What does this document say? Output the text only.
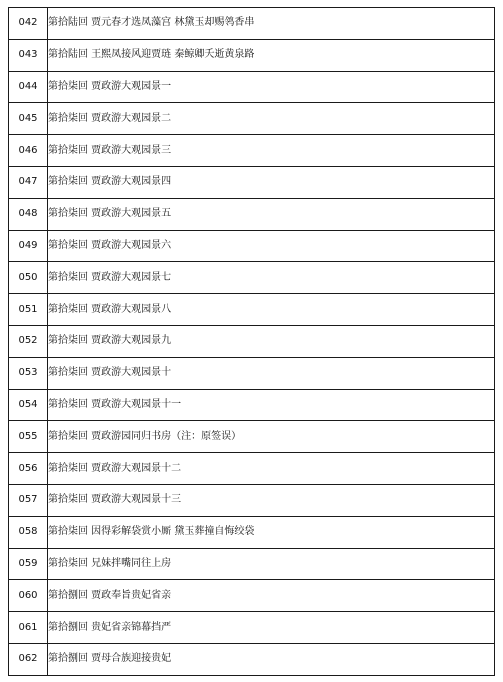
042	第拾陆回 贾元春才选凤藻宫 林黛玉却赐鸰香串
043	第拾陆回 王熙凤接风迎贾琏 秦鲸卿夭逝黄泉路
044	第拾柒回 贾政游大观园景一
045	第拾柒回 贾政游大观园景二
046	第拾柒回 贾政游大观园景三
047	第拾柒回 贾政游大观园景四
048	第拾柒回 贾政游大观园景五
049	第拾柒回 贾政游大观园景六
050	第拾柒回 贾政游大观园景七
051	第拾柒回 贾政游大观园景八
052	第拾柒回 贾政游大观园景九
053	第拾柒回 贾政游大观园景十
054	第拾柒回 贾政游大观园景十一
055	第拾柒回 贾政游园同归书房（注：原签误）
056	第拾柒回 贾政游大观园景十二
057	第拾柒回 贾政游大观园景十三
058	第拾柒回 因得彩解袋赏小厮 黛玉葬撞自悔绞袋
059	第拾柒回 兄妹拌嘴同往上房
060	第拾捌回 贾政奉旨贵妃省亲
061	第拾捌回 贵妃省亲锦幕挡严
062	第拾捌回 贾母合族迎接贵妃
